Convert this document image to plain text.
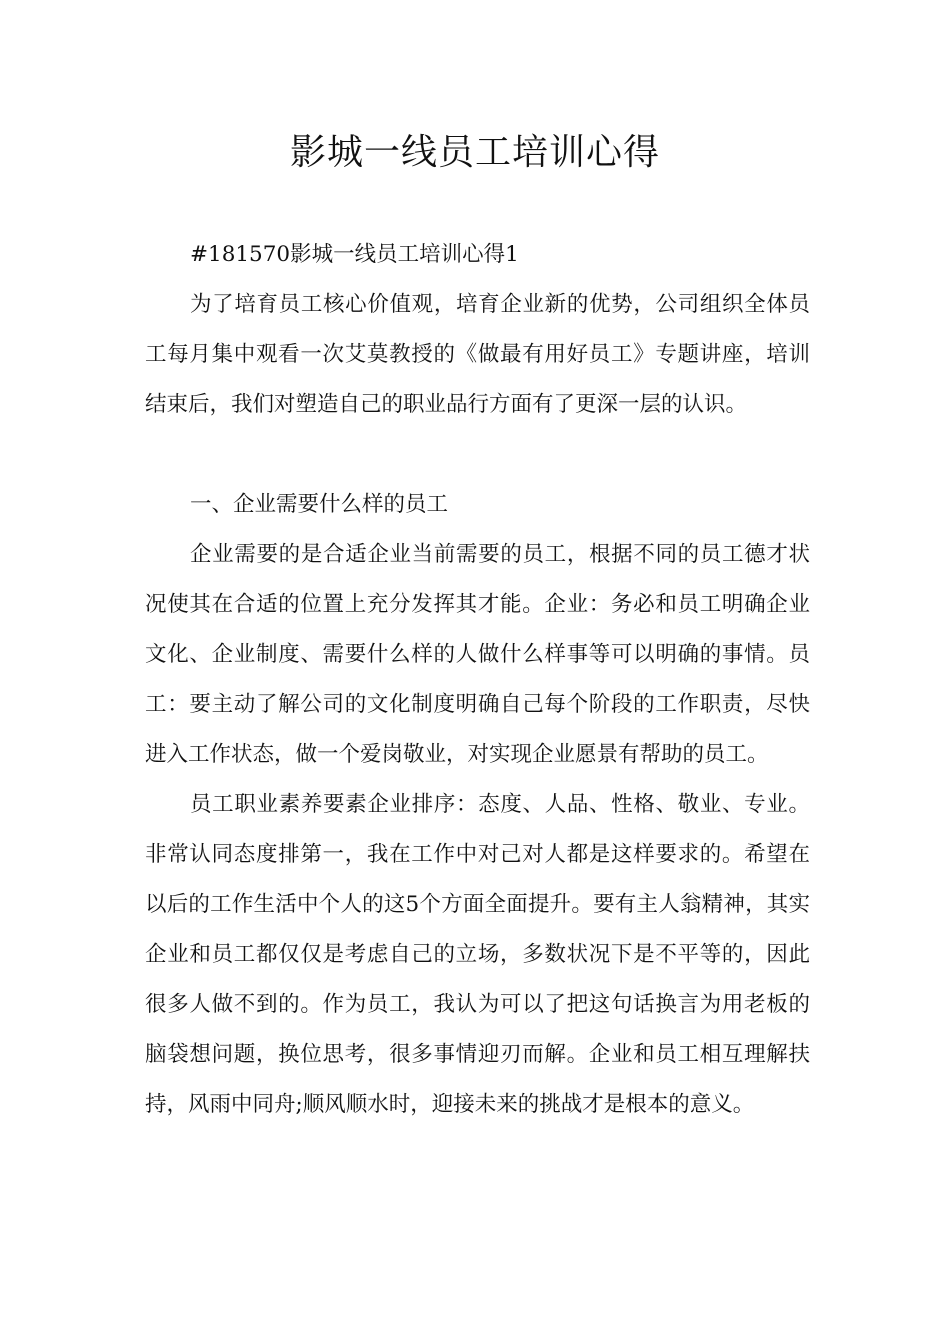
影城一线员工培训心得

#181570影城一线员工培训心得1

为了培育员工核心价值观，培育企业新的优势，公司组织全体员工每月集中观看一次艾莫教授的《做最有用好员工》专题讲座，培训结束后，我们对塑造自己的职业品行方面有了更深一层的认识。

一、企业需要什么样的员工

企业需要的是合适企业当前需要的员工，根据不同的员工德才状况使其在合适的位置上充分发挥其才能。企业：务必和员工明确企业文化、企业制度、需要什么样的人做什么样事等可以明确的事情。员工：要主动了解公司的文化制度明确自己每个阶段的工作职责，尽快进入工作状态，做一个爱岗敬业，对实现企业愿景有帮助的员工。

员工职业素养要素企业排序：态度、人品、性格、敬业、专业。非常认同态度排第一，我在工作中对己对人都是这样要求的。希望在以后的工作生活中个人的这5个方面全面提升。要有主人翁精神，其实企业和员工都仅仅是考虑自己的立场，多数状况下是不平等的，因此很多人做不到的。作为员工，我认为可以了把这句话换言为用老板的脑袋想问题，换位思考，很多事情迎刃而解。企业和员工相互理解扶持，风雨中同舟;顺风顺水时，迎接未来的挑战才是根本的意义。
